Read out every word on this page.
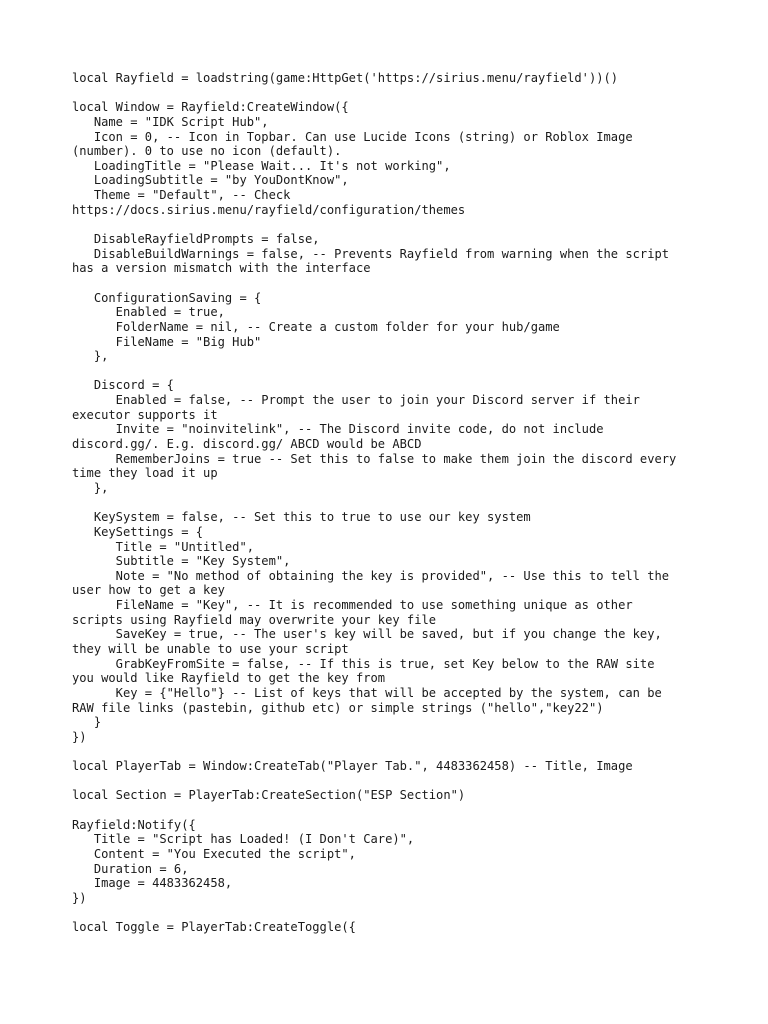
local Rayfield = loadstring(game:HttpGet('https://sirius.menu/rayfield'))()
local Window = Rayfield:CreateWindow({
Name = "IDK Script Hub",
Icon = 0, -- Icon in Topbar. Can use Lucide Icons (string) or Roblox Image
(number). 0 to use no icon (default).
LoadingTitle = "Please Wait... It's not working",
LoadingSubtitle = "by YouDontKnow",
Theme = "Default", -- Check
https://docs.sirius.menu/rayfield/configuration/themes
DisableRayfieldPrompts = false,
DisableBuildWarnings = false, -- Prevents Rayfield from warning when the script
has a version mismatch with the interface
ConfigurationSaving = {
Enabled = true,
FolderName = nil, -- Create a custom folder for your hub/game
FileName = "Big Hub"
},
Discord = {
Enabled = false, -- Prompt the user to join your Discord server if their
executor supports it
Invite = "noinvitelink", -- The Discord invite code, do not include
discord.gg/. E.g. discord.gg/ ABCD would be ABCD
RememberJoins = true -- Set this to false to make them join the discord every
time they load it up
},
KeySystem = false, -- Set this to true to use our key system
KeySettings = {
Title = "Untitled",
Subtitle = "Key System",
Note = "No method of obtaining the key is provided", -- Use this to tell the
user how to get a key
FileName = "Key", -- It is recommended to use something unique as other
scripts using Rayfield may overwrite your key file
SaveKey = true, -- The user's key will be saved, but if you change the key,
they will be unable to use your script
GrabKeyFromSite = false, -- If this is true, set Key below to the RAW site
you would like Rayfield to get the key from
Key = {"Hello"} -- List of keys that will be accepted by the system, can be
RAW file links (pastebin, github etc) or simple strings ("hello","key22")
}
})
local PlayerTab = Window:CreateTab("Player Tab.", 4483362458) -- Title, Image
local Section = PlayerTab:CreateSection("ESP Section")
Rayfield:Notify({
Title = "Script has Loaded! (I Don't Care)",
Content = "You Executed the script",
Duration = 6,
Image = 4483362458,
})
local Toggle = PlayerTab:CreateToggle({
